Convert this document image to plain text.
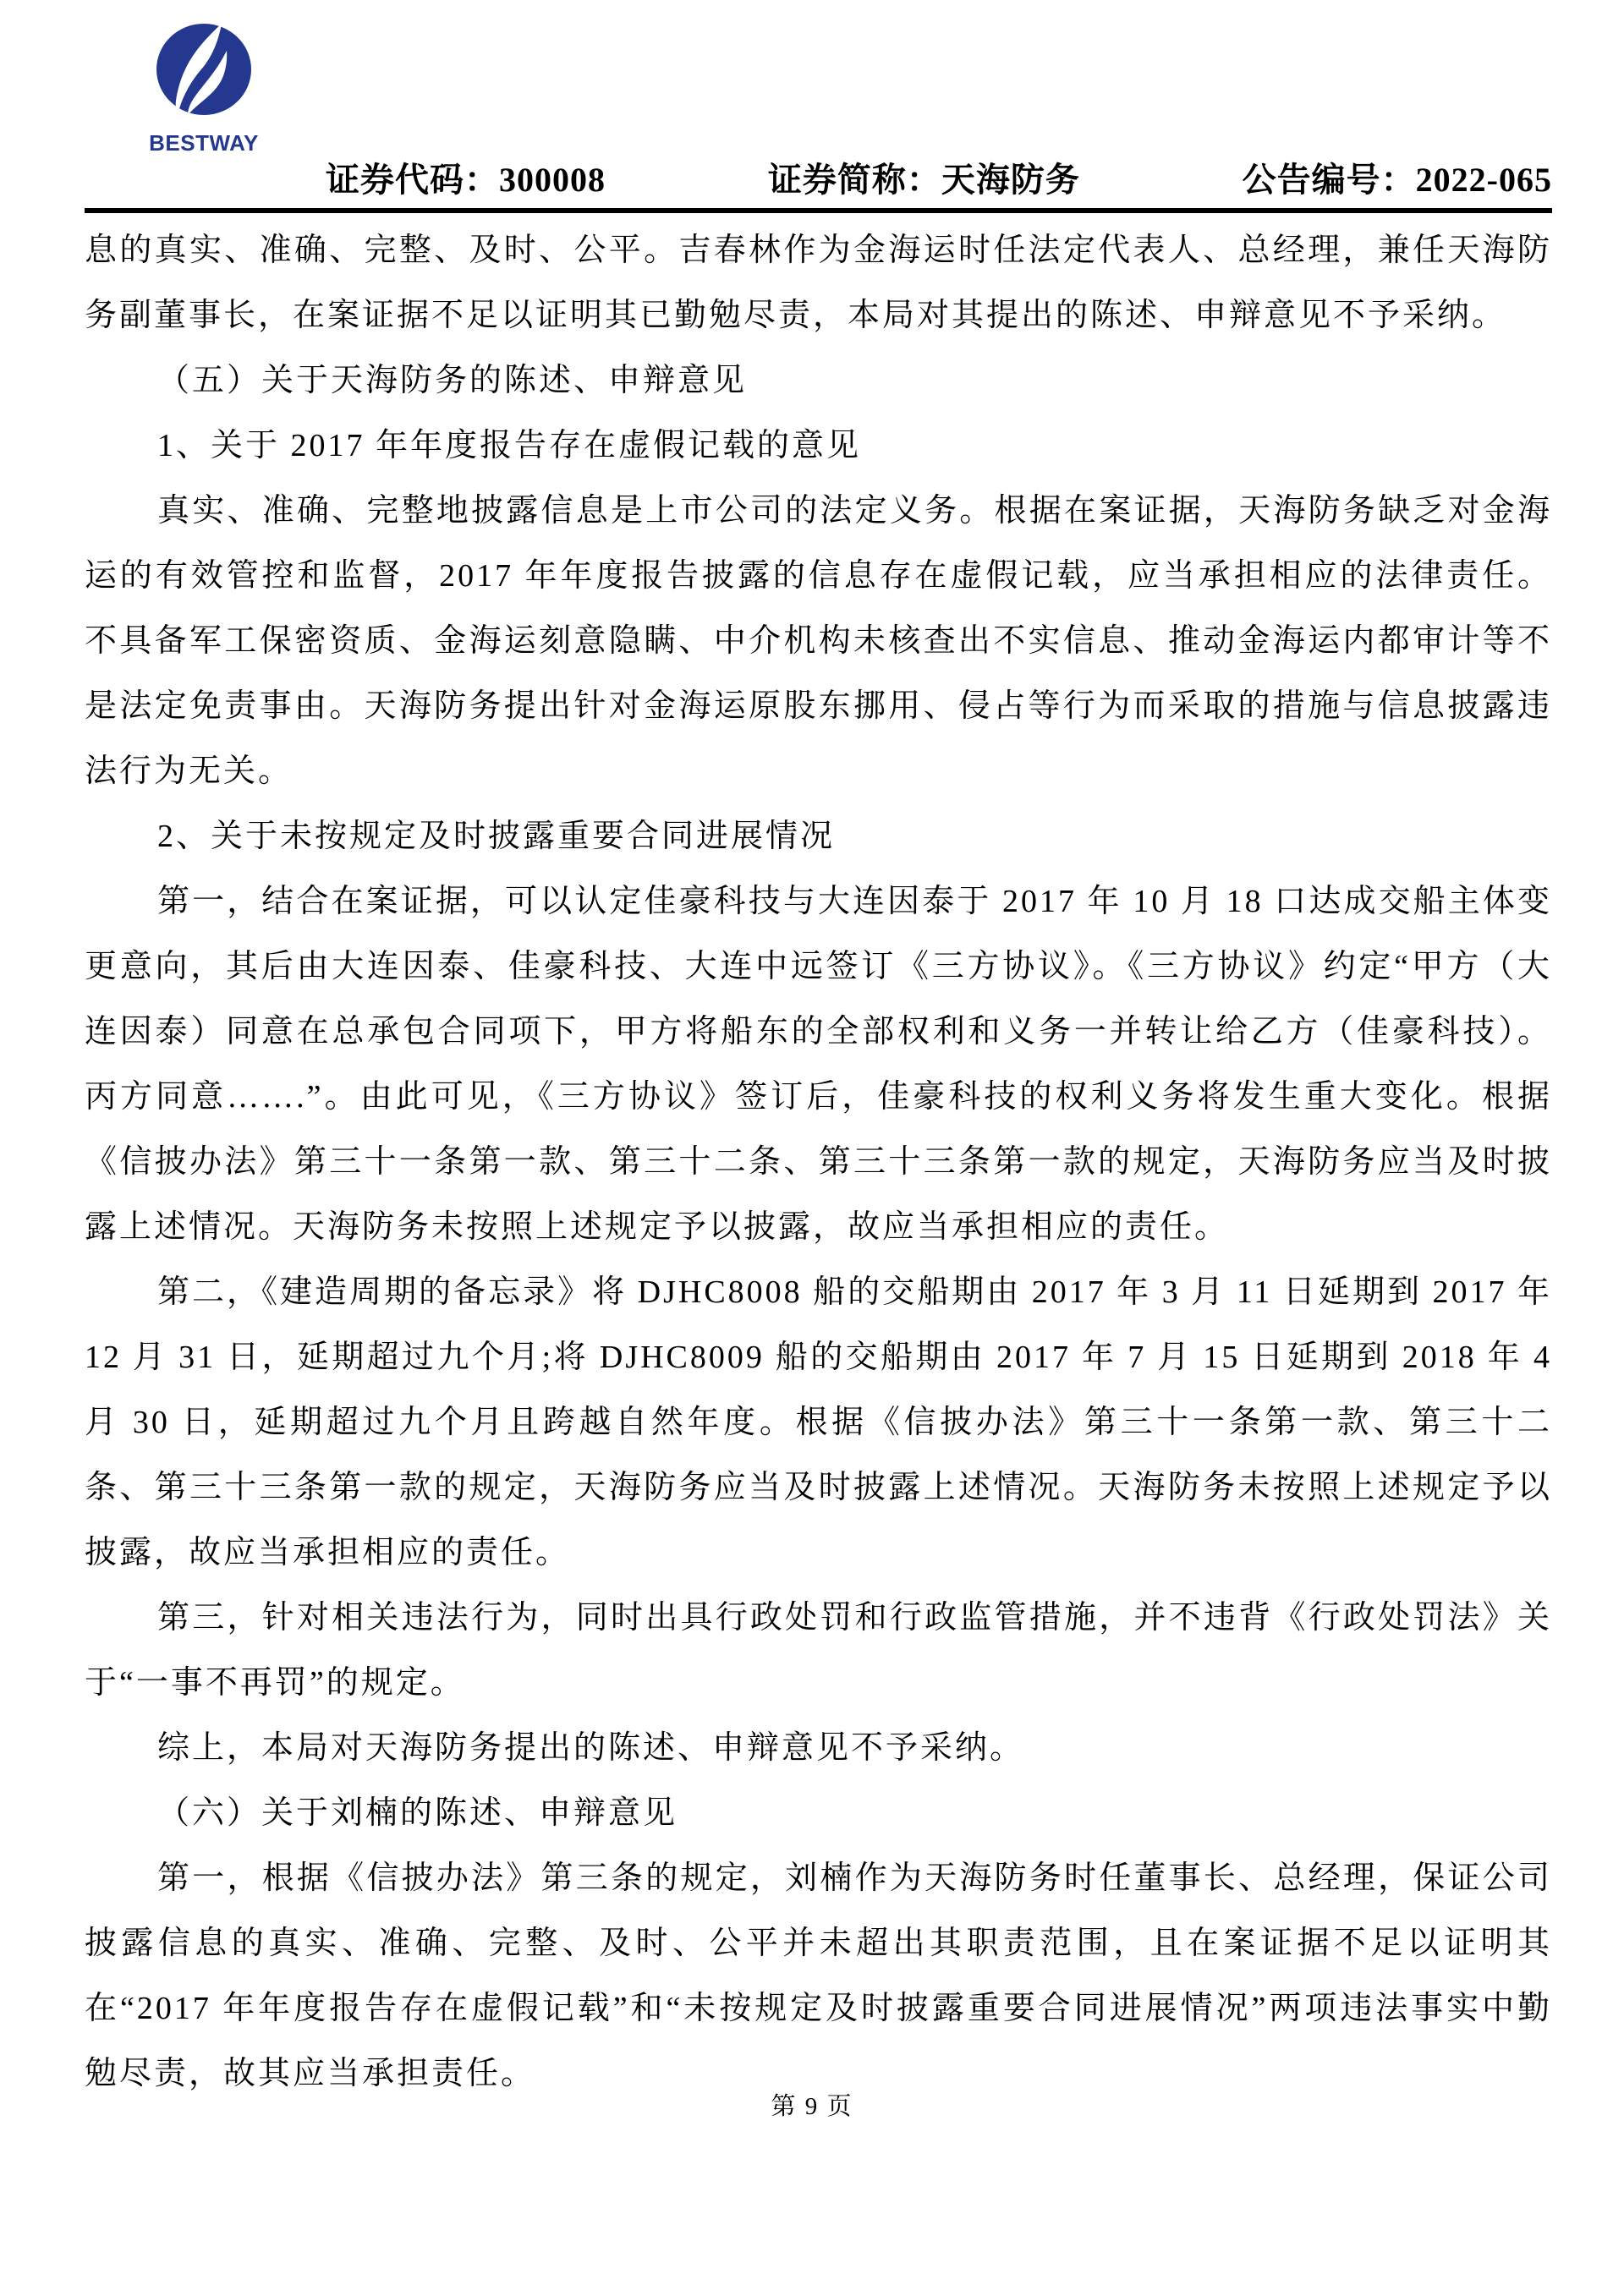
BESTWAY
证券代码：300008	证券简称：天海防务	公告编号：2022-065

息的真实、准确、完整、及时、公平。吉春林作为金海运时任法定代表人、总经理，兼任天海防务副董事长，在案证据不足以证明其已勤勉尽责，本局对其提出的陈述、申辩意见不予采纳。

（五）关于天海防务的陈述、申辩意见

1、关于 2017 年年度报告存在虚假记载的意见

真实、准确、完整地披露信息是上市公司的法定义务。根据在案证据，天海防务缺乏对金海运的有效管控和监督，2017 年年度报告披露的信息存在虚假记载，应当承担相应的法律责任。不具备军工保密资质、金海运刻意隐瞒、中介机构未核查出不实信息、推动金海运内都审计等不是法定免责事由。天海防务提出针对金海运原股东挪用、侵占等行为而采取的措施与信息披露违法行为无关。

2、关于未按规定及时披露重要合同进展情况

第一，结合在案证据，可以认定佳豪科技与大连因泰于 2017 年 10 月 18 口达成交船主体变更意向，其后由大连因泰、佳豪科技、大连中远签订《三方协议》。《三方协议》约定“甲方（大连因泰）同意在总承包合同项下，甲方将船东的全部权利和义务一并转让给乙方（佳豪科技）。丙方同意…….”。由此可见，《三方协议》签订后，佳豪科技的权利义务将发生重大变化。根据《信披办法》第三十一条第一款、第三十二条、第三十三条第一款的规定，天海防务应当及时披露上述情况。天海防务未按照上述规定予以披露，故应当承担相应的责任。

第二，《建造周期的备忘录》将 DJHC8008 船的交船期由 2017 年 3 月 11 日延期到 2017 年 12 月 31 日，延期超过九个月;将 DJHC8009 船的交船期由 2017 年 7 月 15 日延期到 2018 年 4 月 30 日，延期超过九个月且跨越自然年度。根据《信披办法》第三十一条第一款、第三十二条、第三十三条第一款的规定，天海防务应当及时披露上述情况。天海防务未按照上述规定予以披露，故应当承担相应的责任。

第三，针对相关违法行为，同时出具行政处罚和行政监管措施，并不违背《行政处罚法》关于“一事不再罚”的规定。

综上，本局对天海防务提出的陈述、申辩意见不予采纳。

（六）关于刘楠的陈述、申辩意见

第一，根据《信披办法》第三条的规定，刘楠作为天海防务时任董事长、总经理，保证公司披露信息的真实、准确、完整、及时、公平并未超出其职责范围，且在案证据不足以证明其在“2017 年年度报告存在虚假记载”和“未按规定及时披露重要合同进展情况”两项违法事实中勤勉尽责，故其应当承担责任。

第 9 页
